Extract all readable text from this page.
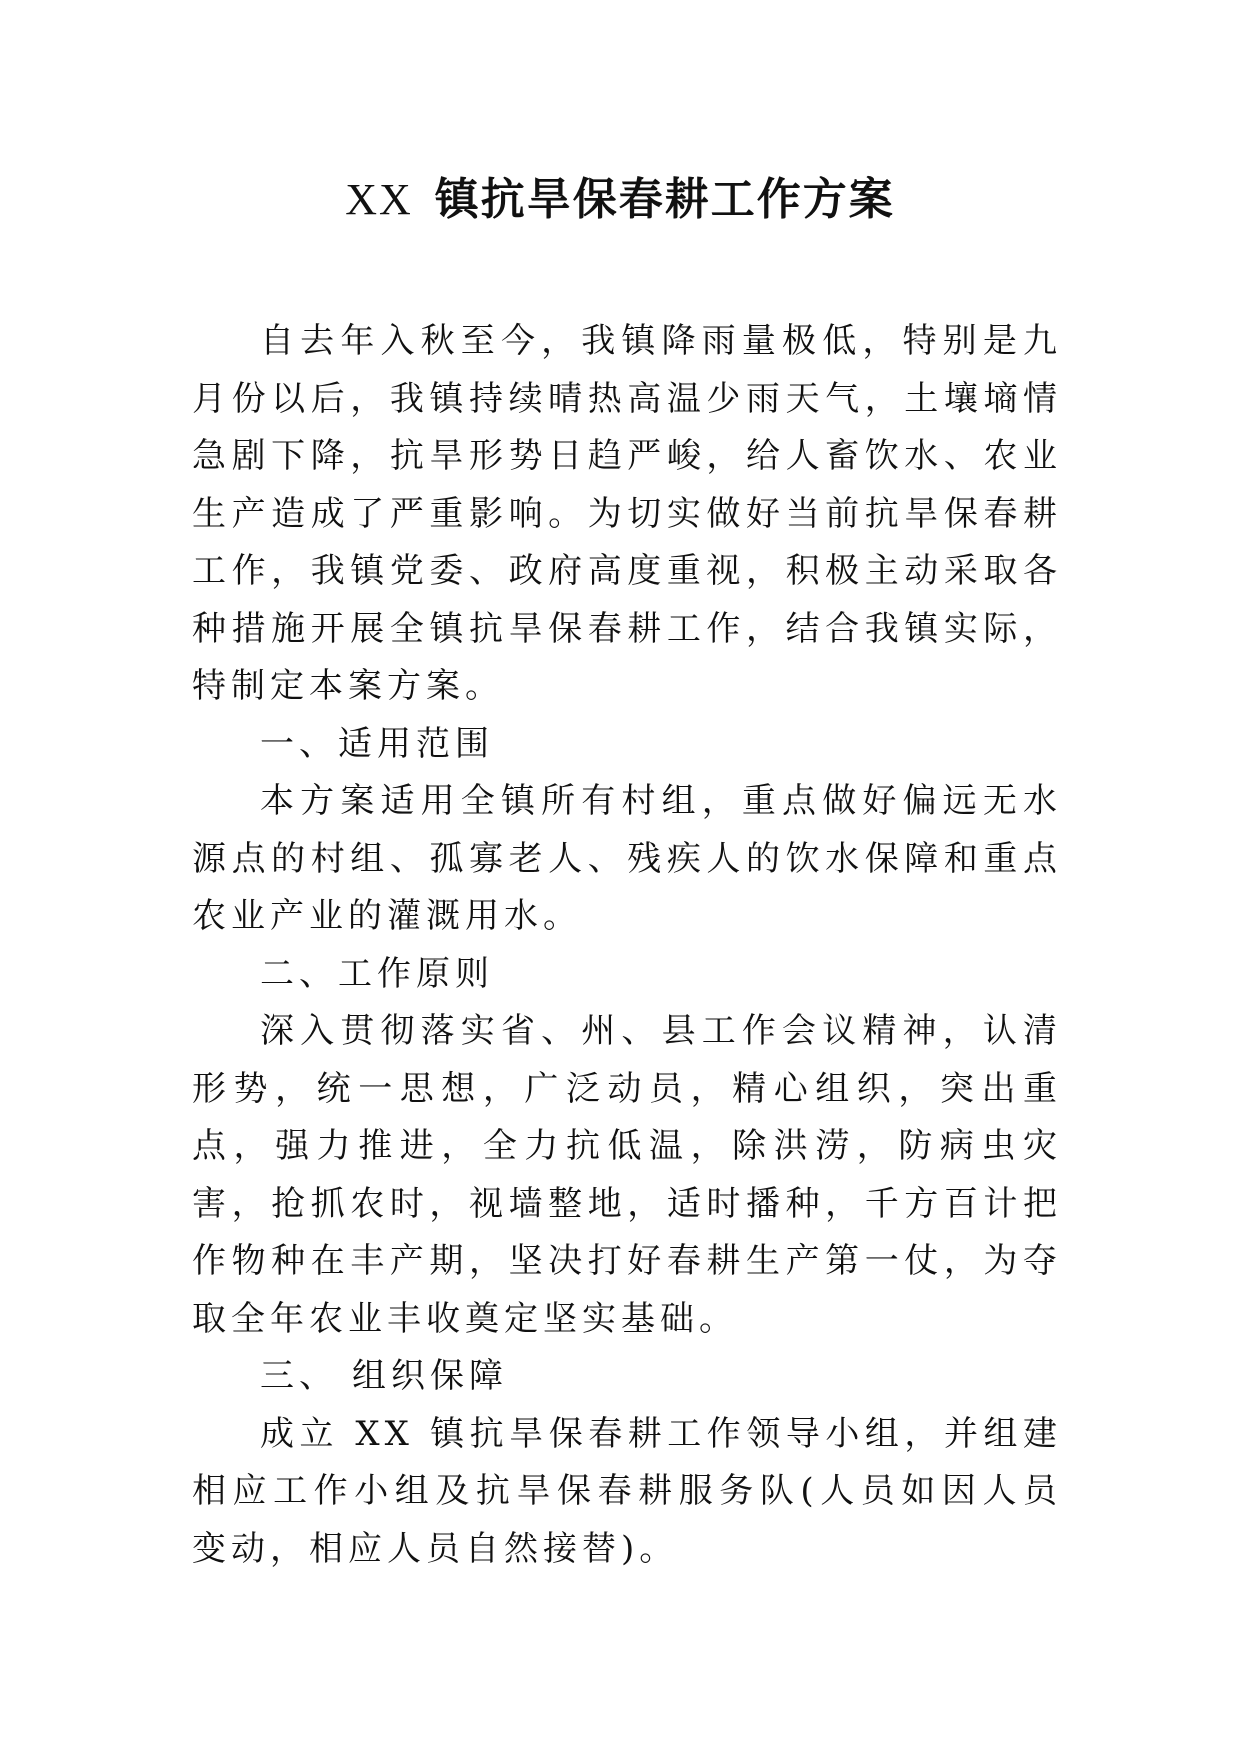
XX 镇抗旱保春耕工作方案

自去年入秋至今，我镇降雨量极低，特别是九月份以后，我镇持续晴热高温少雨天气，土壤墒情急剧下降，抗旱形势日趋严峻，给人畜饮水、农业生产造成了严重影响。为切实做好当前抗旱保春耕工作，我镇党委、政府高度重视，积极主动采取各种措施开展全镇抗旱保春耕工作，结合我镇实际，特制定本案方案。

一、适用范围

本方案适用全镇所有村组，重点做好偏远无水源点的村组、孤寡老人、残疾人的饮水保障和重点农业产业的灌溉用水。

二、工作原则

深入贯彻落实省、州、县工作会议精神，认清形势，统一思想，广泛动员，精心组织，突出重点，强力推进，全力抗低温，除洪涝，防病虫灾害，抢抓农时，视墙整地，适时播种，千方百计把作物种在丰产期，坚决打好春耕生产第一仗，为夺取全年农业丰收奠定坚实基础。

三、 组织保障

成立 XX 镇抗旱保春耕工作领导小组，并组建相应工作小组及抗旱保春耕服务队(人员如因人员变动，相应人员自然接替)。
